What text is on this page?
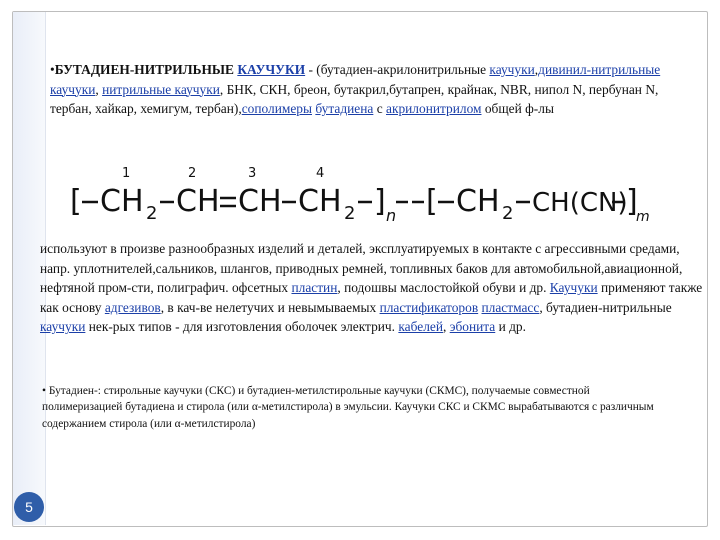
•БУТАДИЕН-НИТРИЛЬНЫЕ КАУЧУКИ - (бутадиен-акрилонитрильные каучуки,дивинил-нитрильные каучуки, нитрильные каучуки, БНК, СКН, бреон, бутакрил,бутапрен, крайнак, NBR, нипол N, пербунан N, тербан, хайкар, хемигум, тербан),сополимеры бутадиена с акрилонитрилом общей ф-лы
[ CH 2 CH CH CH 2 ] n [ CH 2 CH(CN)
]
m
1	2	3	4
используют в произве разнообразных изделий и деталей, эксплуатируемых в контакте с агрессивными средами, напр. уплотнителей,сальников, шлангов, приводных ремней, топливных баков для автомобильной,авиационной, нефтяной пром-сти, полиграфич. офсетных пластин, подошвы маслостойкой обуви и др. Каучуки применяют также как основу адгезивов, в кач-ве нелетучих и невымываемых пластификаторов пластмасс, бутадиен-нитрильные каучуки нек-рых типов - для изготовления оболочек электрич. кабелей, эбонита и др.
• Бутадиен-: стирольные каучуки (СКС) и бутадиен-метилстирольные каучуки (СКМС), получаемые совместной полимеризацией бутадиена и стирола (или α-метилстирола) в эмульсии. Каучуки СКС и СКМС вырабатываются с различным содержанием стирола (или α-метилстирола)
5
